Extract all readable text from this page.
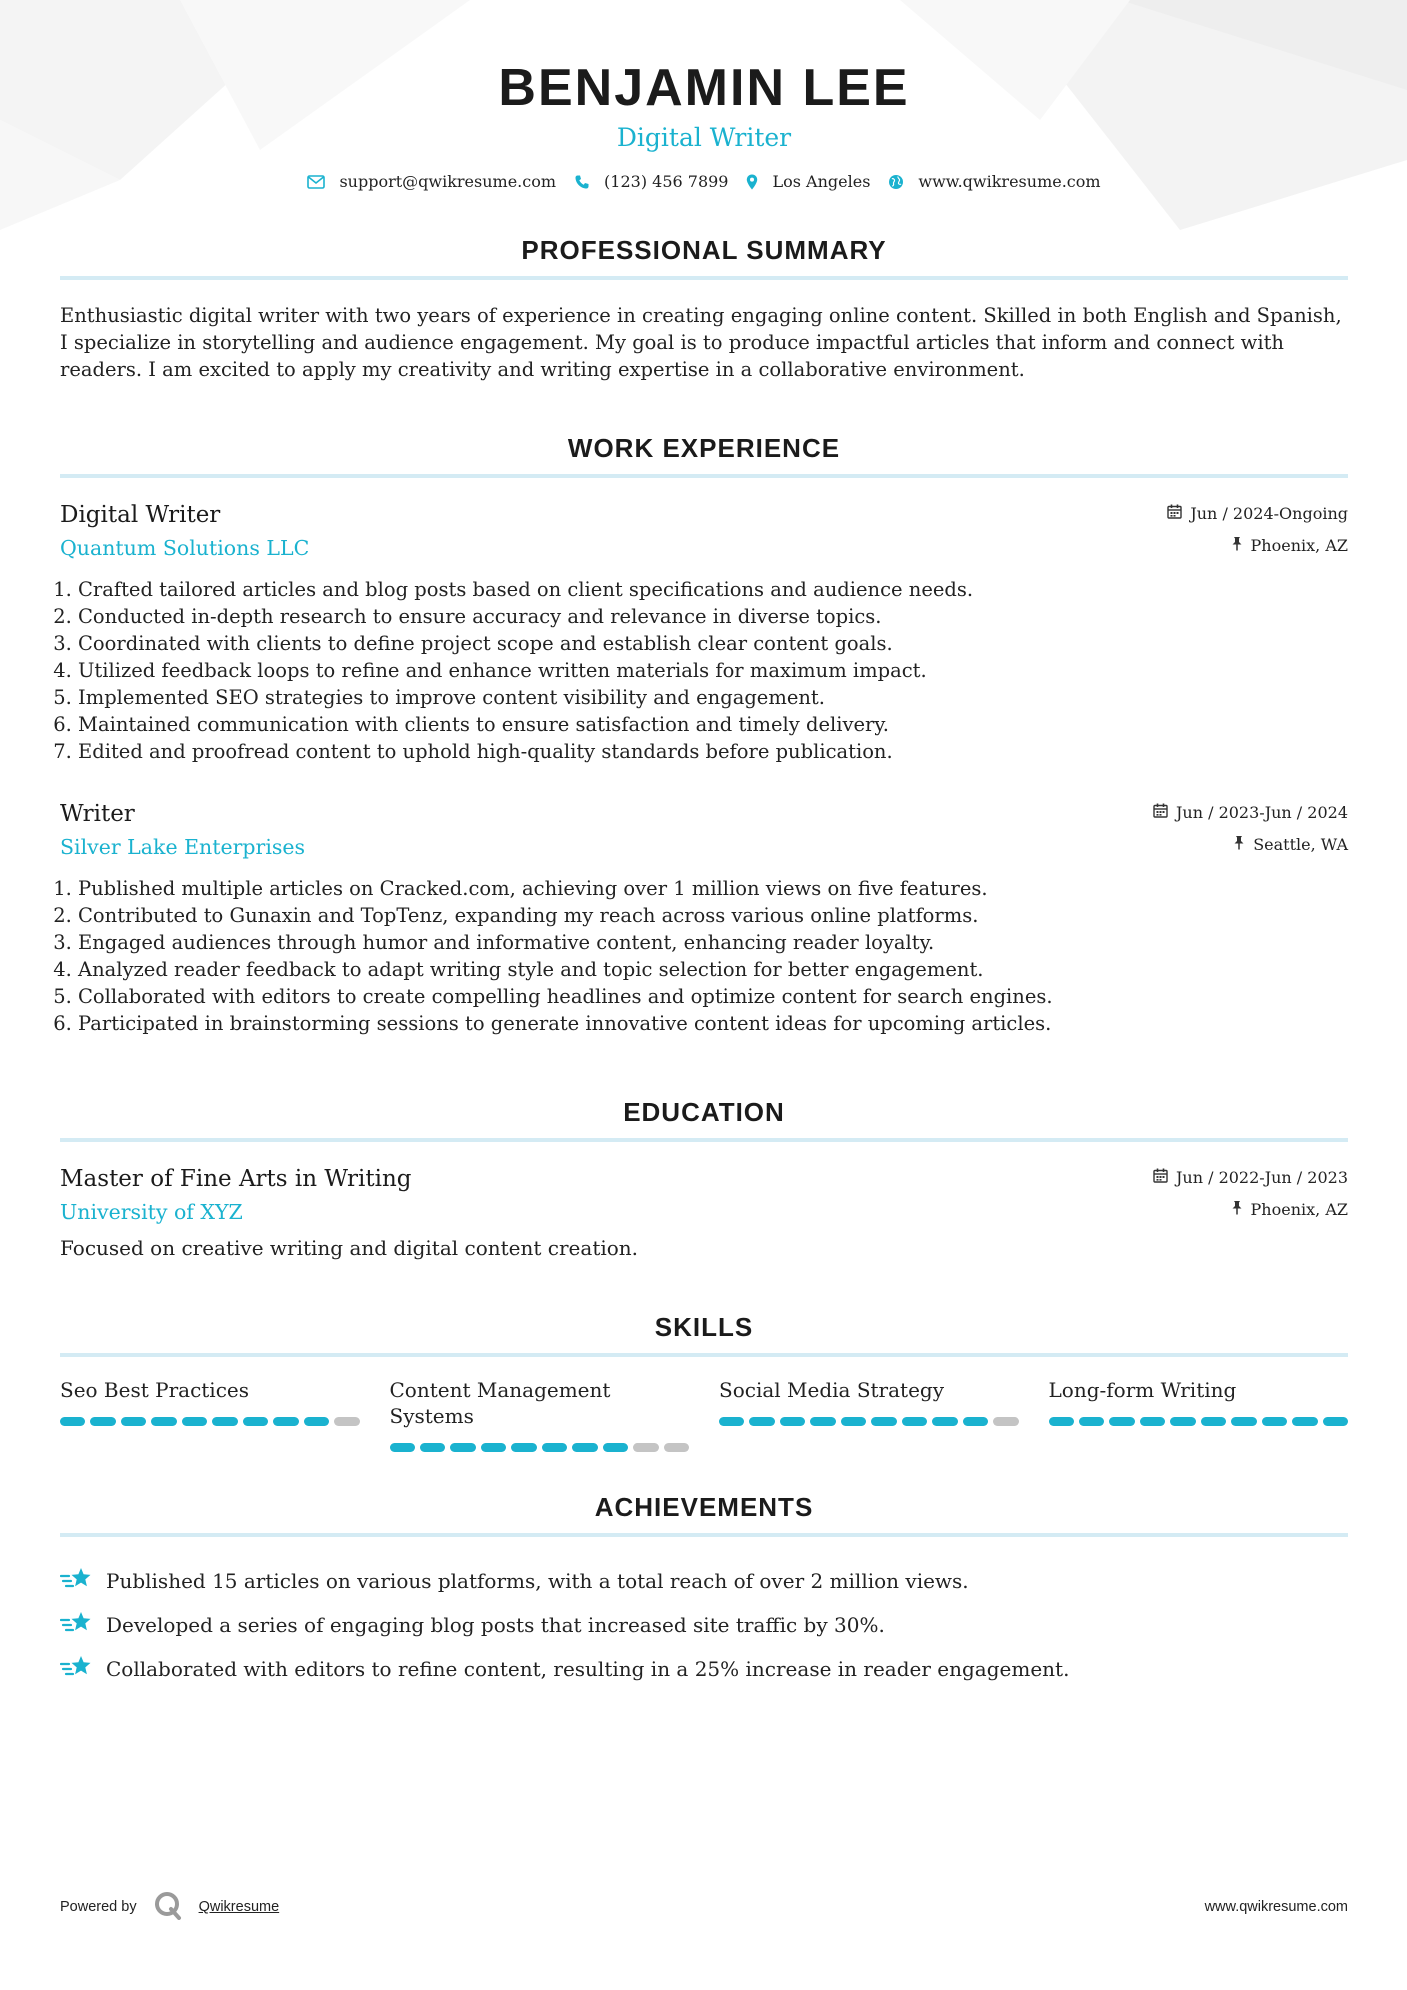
BENJAMIN LEE
Digital Writer
support@qwikresume.com	(123) 456 7899	Los Angeles	www.qwikresume.com
PROFESSIONAL SUMMARY
Enthusiastic digital writer with two years of experience in creating engaging online content. Skilled in both English and Spanish, I specialize in storytelling and audience engagement. My goal is to produce impactful articles that inform and connect with readers. I am excited to apply my creativity and writing expertise in a collaborative environment.
WORK EXPERIENCE
Digital Writer
Quantum Solutions LLC
Jun / 2024-Ongoing
Phoenix, AZ
1. Crafted tailored articles and blog posts based on client specifications and audience needs.
2. Conducted in-depth research to ensure accuracy and relevance in diverse topics.
3. Coordinated with clients to define project scope and establish clear content goals.
4. Utilized feedback loops to refine and enhance written materials for maximum impact.
5. Implemented SEO strategies to improve content visibility and engagement.
6. Maintained communication with clients to ensure satisfaction and timely delivery.
7. Edited and proofread content to uphold high-quality standards before publication.
Writer
Silver Lake Enterprises
Jun / 2023-Jun / 2024
Seattle, WA
1. Published multiple articles on Cracked.com, achieving over 1 million views on five features.
2. Contributed to Gunaxin and TopTenz, expanding my reach across various online platforms.
3. Engaged audiences through humor and informative content, enhancing reader loyalty.
4. Analyzed reader feedback to adapt writing style and topic selection for better engagement.
5. Collaborated with editors to create compelling headlines and optimize content for search engines.
6. Participated in brainstorming sessions to generate innovative content ideas for upcoming articles.
EDUCATION
Master of Fine Arts in Writing
University of XYZ
Jun / 2022-Jun / 2023
Phoenix, AZ
Focused on creative writing and digital content creation.
SKILLS
Seo Best Practices	Content Management Systems
Social Media Strategy	Long-form Writing
ACHIEVEMENTS
Published 15 articles on various platforms, with a total reach of over 2 million views.
Developed a series of engaging blog posts that increased site traffic by 30%.
Collaborated with editors to refine content, resulting in a 25% increase in reader engagement.
Powered by	Qwikresume	www.qwikresume.com
